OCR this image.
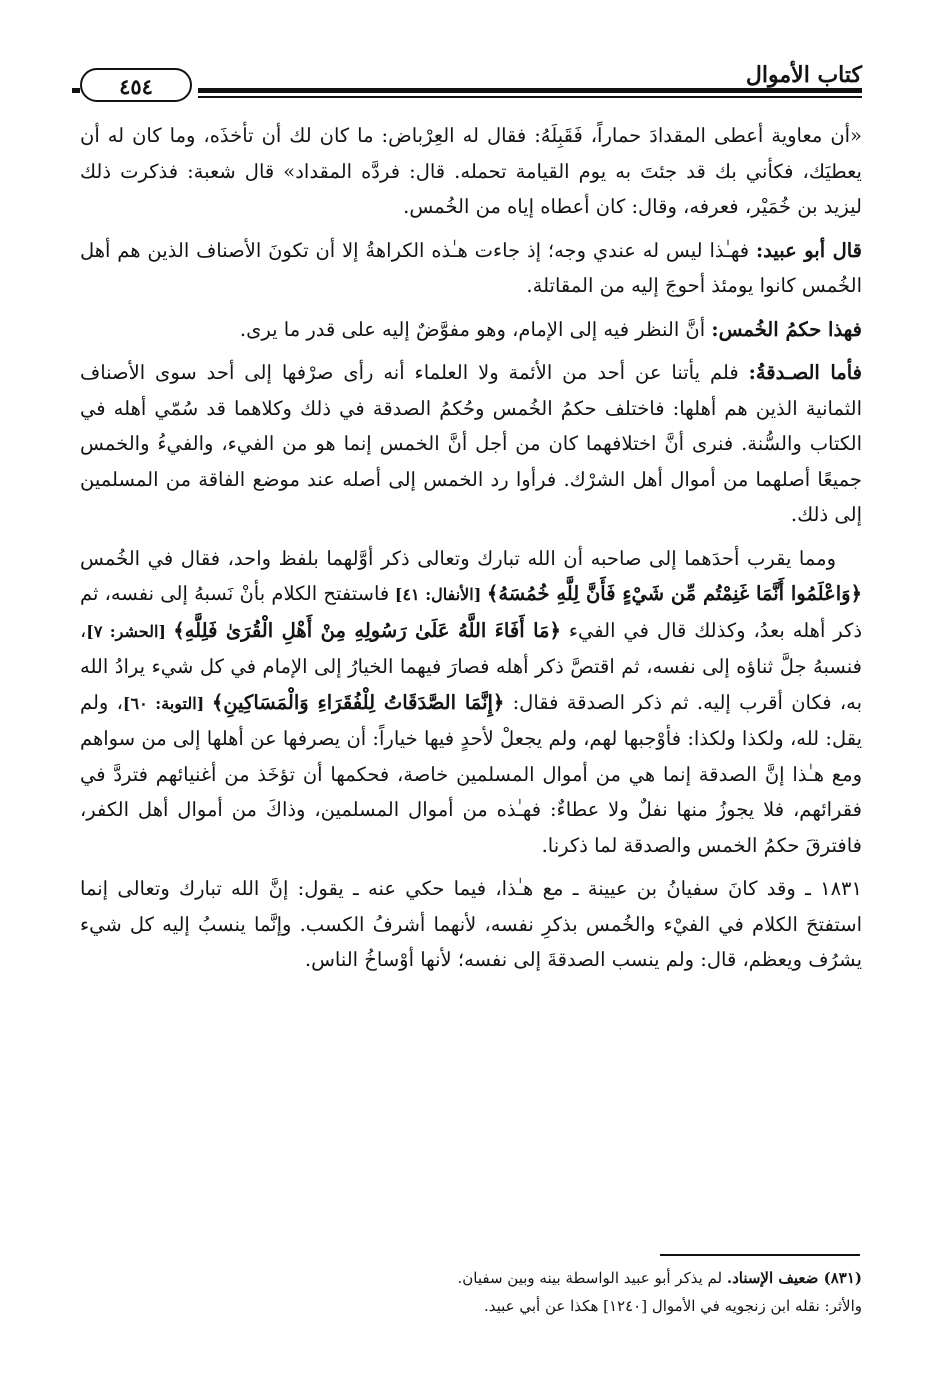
كتاب الأموال
٤٥٤

«أن معاوية أعطى المقدادَ حماراً، فَقَبِلَهُ: فقال له العِرْباض: ما كان لك أن تأخذَه، وما كان له أن يعطيَك، فكأني بك قد جئتَ به يوم القيامة تحمله. قال: فردَّه المقداد» قال شعبة: فذكرت ذلك ليزيد بن خُمَيْر، فعرفه، وقال: كان أعطاه إياه من الخُمس.

قال أبو عبيد: فهـٰذا ليس له عندي وجه؛ إذ جاءت هـٰذه الكراهةُ إلا أن تكونَ الأصناف الذين هم أهل الخُمس كانوا يومئذ أحوجَ إليه من المقاتلة.

فهذا حكمُ الخُمس: أنَّ النظر فيه إلى الإمام، وهو مفوَّضٌ إليه على قدر ما يرى.

فأما الصـدقةُ: فلم يأتنا عن أحد من الأئمة ولا العلماء أنه رأى صرْفها إلى أحد سوى الأصناف الثمانية الذين هم أهلها: فاختلف حكمُ الخُمس وحُكمُ الصدقة في ذلك وكلاهما قد سُمّي أهله في الكتاب والسُّنة. فنرى أنَّ اختلافهما كان من أجل أنَّ الخمس إنما هو من الفيء، والفيءُ والخمس جميعًا أصلهما من أموال أهل الشرْك. فرأوا رد الخمس إلى أصله عند موضع الفاقة من المسلمين إلى ذلك.

ومما يقرب أحدَهما إلى صاحبه أن الله تبارك وتعالى ذكر أوَّلهما بلفظ واحد، فقال في الخُمس ﴿وَاعْلَمُوا أَنَّمَا غَنِمْتُم مِّن شَيْءٍ فَأَنَّ لِلَّهِ خُمُسَهُ﴾ [الأنفال: ٤١] فاستفتح الكلام بأنْ نَسبهُ إلى نفسه، ثم ذكر أهله بعدُ، وكذلك قال في الفيء ﴿مَا أَفَاءَ اللَّهُ عَلَىٰ رَسُولِهِ مِنْ أَهْلِ الْقُرَىٰ فَلِلَّهِ﴾ [الحشر: ٧]، فنسبهُ جلَّ ثناؤه إلى نفسه، ثم اقتصَّ ذكر أهله فصارَ فيهما الخيارُ إلى الإمام في كل شيء يرادُ الله به، فكان أقرب إليه. ثم ذكر الصدقة فقال: ﴿إِنَّمَا الصَّدَقَاتُ لِلْفُقَرَاءِ وَالْمَسَاكِينِ﴾ [التوبة: ٦٠]، ولم يقل: لله، ولكذا ولكذا: فأوْجبها لهم، ولم يجعلْ لأحدٍ فيها خياراً: أن يصرفها عن أهلها إلى من سواهم ومع هـٰذا إنَّ الصدقة إنما هي من أموال المسلمين خاصة، فحكمها أن تؤخَذ من أغنيائهم فتردَّ في فقرائهم، فلا يجوزُ منها نفلٌ ولا عطاءٌ: فهـٰذه من أموال المسلمين، وذاكَ من أموال أهل الكفر، فافترقَ حكمُ الخمس والصدقة لما ذكرنا.

١٨٣١ ـ وقد كانَ سفيانُ بن عيينة ـ مع هـٰذا، فيما حكي عنه ـ يقول: إنَّ الله تبارك وتعالى إنما استفتحَ الكلام في الفيْء والخُمس بذكرِ نفسه، لأنهما أشرفُ الكسب. وإنَّما ينسبُ إليه كل شيء يشرُف ويعظم، قال: ولم ينسب الصدقةَ إلى نفسه؛ لأنها أوْساخُ الناس.

(٨٣١) ضعيف الإسناد. لم يذكر أبو عبيد الواسطة بينه وبين سفيان.
والأثر: نقله ابن زنجويه في الأموال [١٢٤٠] هكذا عن أبي عبيد.
